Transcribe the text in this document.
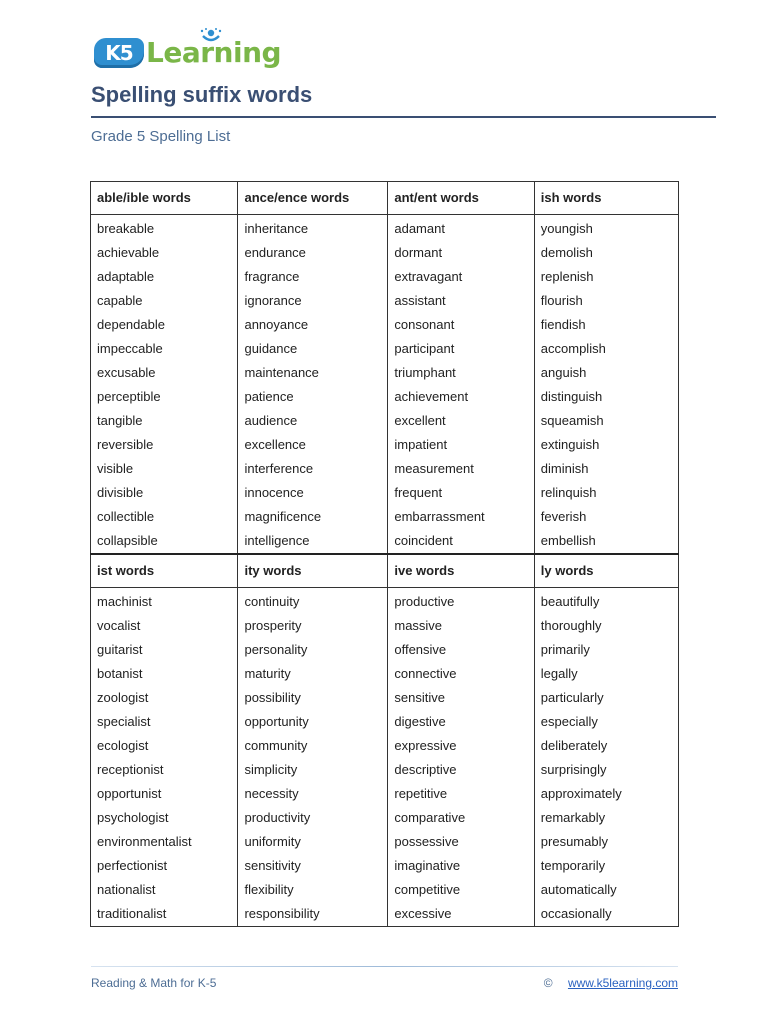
K5 Learning
Spelling suffix words
Grade 5 Spelling List
able/ible words	ance/ence words	ant/ent words	ish words
breakable	inheritance	adamant	youngish
achievable	endurance	dormant	demolish
adaptable	fragrance	extravagant	replenish
capable	ignorance	assistant	flourish
dependable	annoyance	consonant	fiendish
impeccable	guidance	participant	accomplish
excusable	maintenance	triumphant	anguish
perceptible	patience	achievement	distinguish
tangible	audience	excellent	squeamish
reversible	excellence	impatient	extinguish
visible	interference	measurement	diminish
divisible	innocence	frequent	relinquish
collectible	magnificence	embarrassment	feverish
collapsible	intelligence	coincident	embellish
ist words	ity words	ive words	ly words
machinist	continuity	productive	beautifully
vocalist	prosperity	massive	thoroughly
guitarist	personality	offensive	primarily
botanist	maturity	connective	legally
zoologist	possibility	sensitive	particularly
specialist	opportunity	digestive	especially
ecologist	community	expressive	deliberately
receptionist	simplicity	descriptive	surprisingly
opportunist	necessity	repetitive	approximately
psychologist	productivity	comparative	remarkably
environmentalist	uniformity	possessive	presumably
perfectionist	sensitivity	imaginative	temporarily
nationalist	flexibility	competitive	automatically
traditionalist	responsibility	excessive	occasionally
Reading & Math for K-5	© www.k5learning.com
